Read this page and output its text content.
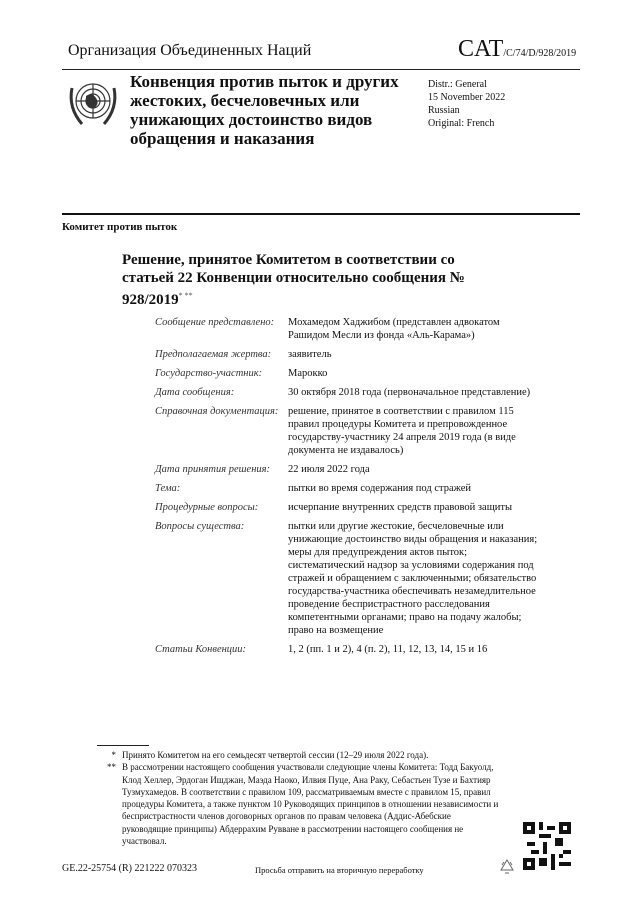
Организация Объединенных Наций	CAT/C/74/D/928/2019
Конвенция против пыток и других жестоких, бесчеловечных или унижающих достоинство видов обращения и наказания
Distr.: General
15 November 2022
Russian
Original: French
Комитет против пыток
Решение, принятое Комитетом в соответствии со статьей 22 Конвенции относительно сообщения № 928/2019* **
Сообщение представлено:	Мохамедом Хаджибом (представлен адвокатом Рашидом Месли из фонда «Аль-Карама»)
Предполагаемая жертва:	заявитель
Государство-участник:	Марокко
Дата сообщения:	30 октября 2018 года (первоначальное представление)
Справочная документация: решение, принятое в соответствии с правилом 115 правил процедуры Комитета и препровожденное государству-участнику 24 апреля 2019 года (в виде документа не издавалось)
Дата принятия решения:	22 июля 2022 года
Тема:	пытки во время содержания под стражей
Процедурные вопросы:	исчерпание внутренних средств правовой защиты
Вопросы существа:	пытки или другие жестокие, бесчеловечные или унижающие достоинство виды обращения и наказания; меры для предупреждения актов пыток; систематический надзор за условиями содержания под стражей и обращением с заключенными; обязательство государства-участника обеспечивать незамедлительное проведение беспристрастного расследования компетентными органами; право на подачу жалобы; право на возмещение
Статьи Конвенции:	1, 2 (пп. 1 и 2), 4 (п. 2), 11, 12, 13, 14, 15 и 16
* Принято Комитетом на его семьдесят четвертой сессии (12–29 июля 2022 года).
** В рассмотрении настоящего сообщения участвовали следующие члены Комитета: Тодд Бакуолд, Клод Хеллер, Эрдоган Ишджан, Маэда Наоко, Илвия Пуце, Ана Раку, Себастьен Тузе и Бахтияр Тузмухамедов. В соответствии с правилом 109, рассматриваемым вместе с правилом 15, правил процедуры Комитета, а также пунктом 10 Руководящих принципов в отношении независимости и беспристрастности членов договорных органов по правам человека (Аддис-Абебские руководящие принципы) Абдеррахим Рувване в рассмотрении настоящего сообщения не участвовал.
GE.22-25754 (R) 221222 070323	Просьба отправить на вторичную переработку
